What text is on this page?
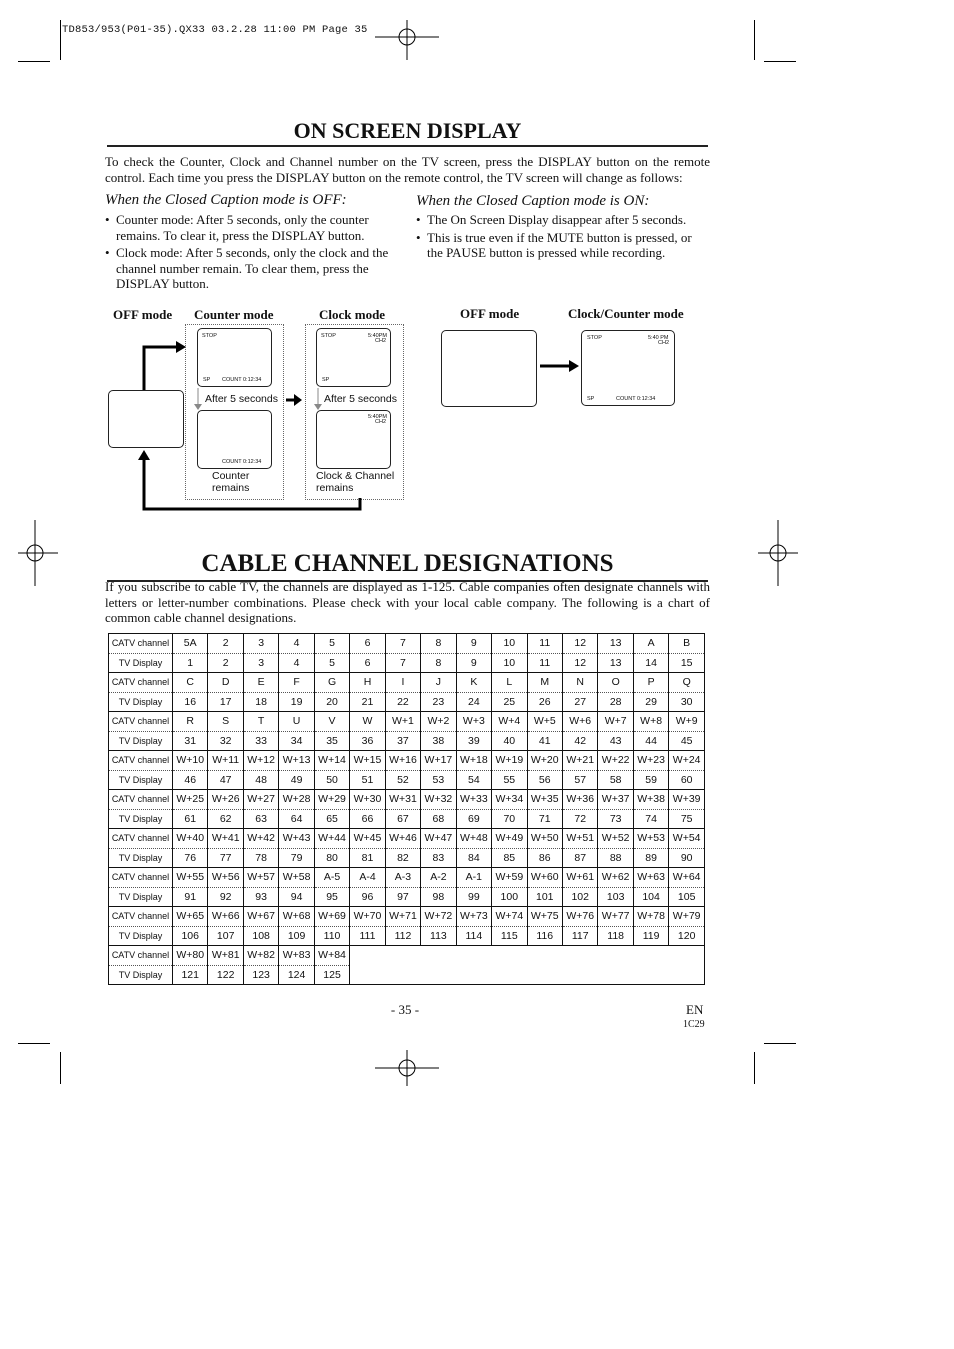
TD853/953(P01-35).QX33 03.2.28 11:00 PM Page 35
ON SCREEN DISPLAY
To check the Counter, Clock and Channel number on the TV screen, press the DISPLAY button on the remote control. Each time you press the DISPLAY button on the remote control, the TV screen will change as follows:
When the Closed Caption mode is OFF:
• Counter mode: After 5 seconds, only the counter remains. To clear it, press the DISPLAY button.
• Clock mode: After 5 seconds, only the clock and the channel number remain. To clear them, press the DISPLAY button.
When the Closed Caption mode is ON:
• The On Screen Display disappear after 5 seconds.
• This is true even if the MUTE button is pressed, or the PAUSE button is pressed while recording.
OFF mode Counter mode	Clock mode
STOP
SP COUNT 0:12:34
After 5 seconds
COUNT 0:12:34
Counter
remains
STOP	5:40PM
CH2
SP
After 5 seconds
5:40PM
CH2
Clock & Channel
remains
OFF mode	Clock/Counter mode
STOP	5:40 PM
CH2
SP	COUNT 0:12:34
CABLE CHANNEL DESIGNATIONS
If you subscribe to cable TV, the channels are displayed as 1-125. Cable companies often designate channels with letters or letter-number combinations. Please check with your local cable company. The following is a chart of common cable channel designations.
CATV channel	5A	2	3	4	5	6	7	8	9	10	11	12	13	A	B
TV Display	1	2	3	4	5	6	7	8	9	10	11	12	13	14	15
CATV channel	C	D	E	F	G	H	I	J	K	L	M	N	O	P	Q
TV Display	16	17	18	19	20	21	22	23	24	25	26	27	28	29	30
CATV channel	R	S	T	U	V	W	W+1	W+2	W+3	W+4	W+5	W+6	W+7	W+8	W+9
TV Display	31	32	33	34	35	36	37	38	39	40	41	42	43	44	45
CATV channel	W+10	W+11	W+12	W+13	W+14	W+15	W+16	W+17	W+18	W+19	W+20	W+21	W+22	W+23	W+24
TV Display	46	47	48	49	50	51	52	53	54	55	56	57	58	59	60
CATV channel	W+25	W+26	W+27	W+28	W+29	W+30	W+31	W+32	W+33	W+34	W+35	W+36	W+37	W+38	W+39
TV Display	61	62	63	64	65	66	67	68	69	70	71	72	73	74	75
CATV channel	W+40	W+41	W+42	W+43	W+44	W+45	W+46	W+47	W+48	W+49	W+50	W+51	W+52	W+53	W+54
TV Display	76	77	78	79	80	81	82	83	84	85	86	87	88	89	90
CATV channel	W+55	W+56	W+57	W+58	A-5	A-4	A-3	A-2	A-1	W+59	W+60	W+61	W+62	W+63	W+64
TV Display	91	92	93	94	95	96	97	98	99	100	101	102	103	104	105
CATV channel	W+65	W+66	W+67	W+68	W+69	W+70	W+71	W+72	W+73	W+74	W+75	W+76	W+77	W+78	W+79
TV Display	106	107	108	109	110	111	112	113	114	115	116	117	118	119	120
CATV channel	W+80	W+81	W+82	W+83	W+84										
TV Display	121	122	123	124	125										
- 35 -	EN
1C29
